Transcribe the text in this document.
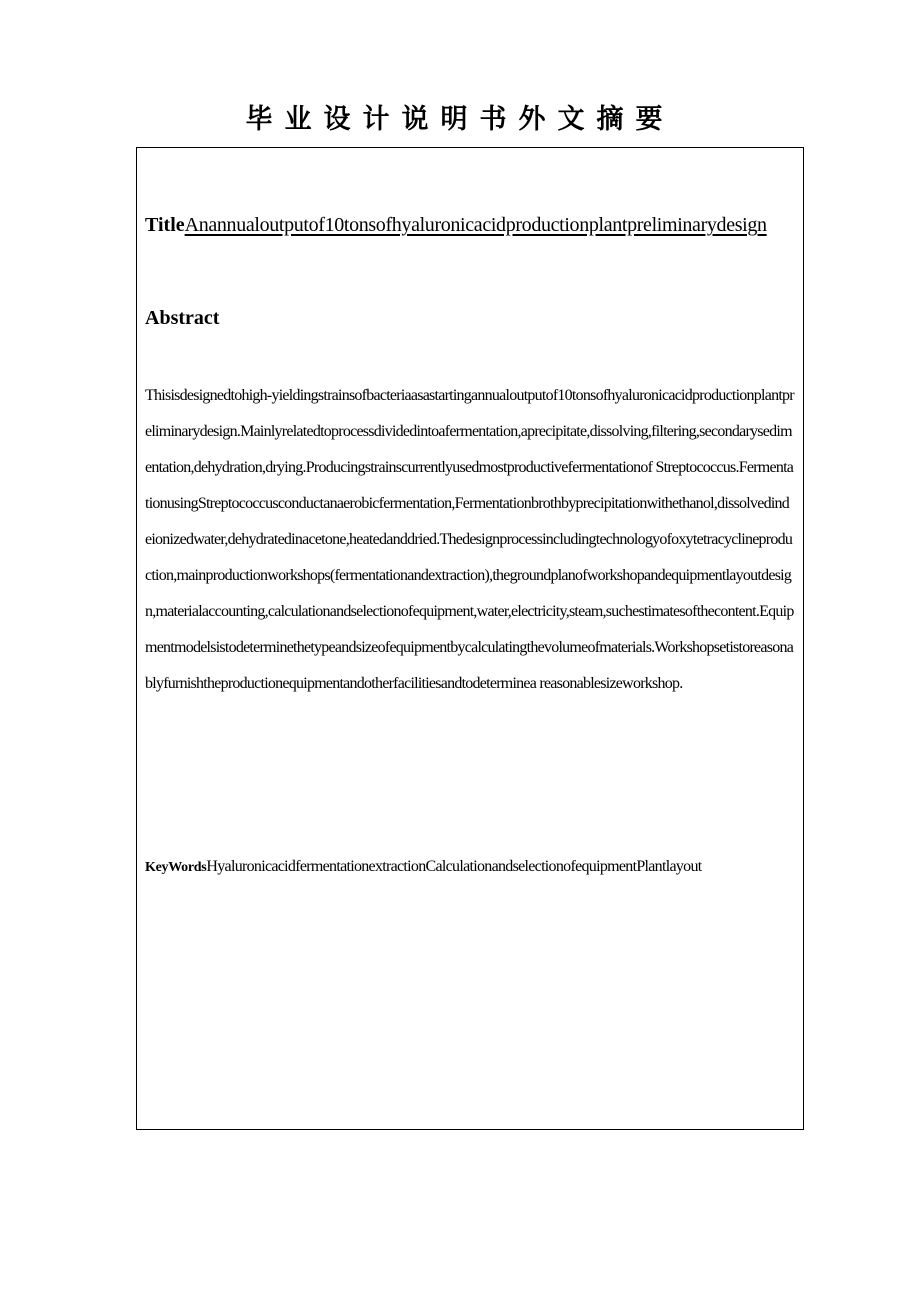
毕业设计说明书外文摘要
TitleAnannualoutputof10tonsofhyaluronicacidproductionplantpreliminarydesign
Abstract
Thisisdesignedtohigh-yieldingstrainsofbacteriaasastartingannualoutputof10tonsofhyaluronicacidproductionplantpreliminarydesign.Mainlyrelatedtoprocessdividedintoafermentation,aprecipitate,dissolving,filtering,secondarysedimentation,dehydration,drying.Producingstrainscurrentlyusedmostproductivefermentationof Streptococcus.FermentationusingStreptococcusconductanaerobicfermentation,Fermentationbrothbyprecipitationwithethanol,dissolvedindeionizedwater,dehydratedinacetone,heatedanddried.Thedesignprocessincludingtechnologyofoxytetracyclineproduction,mainproductionworkshops(fermentationandextraction),thegroundplanofworkshopandequipmentlayoutdesign,materialaccounting,calculationandselectionofequipment,water,electricity,steam,suchestimatesofthecontent.Equipmentmodelsistodeterminethetypeandsizeofequipmentbycalculatingthevolumeofmaterials.Workshopsetistoreasonablyfurnishtheproductionequipmentandotherfacilitiesandtodeterminea reasonablesizeworkshop.
KeyWordsHyaluronicacidfermentationextractionCalculationandselectionofequipmentPlantlayout
